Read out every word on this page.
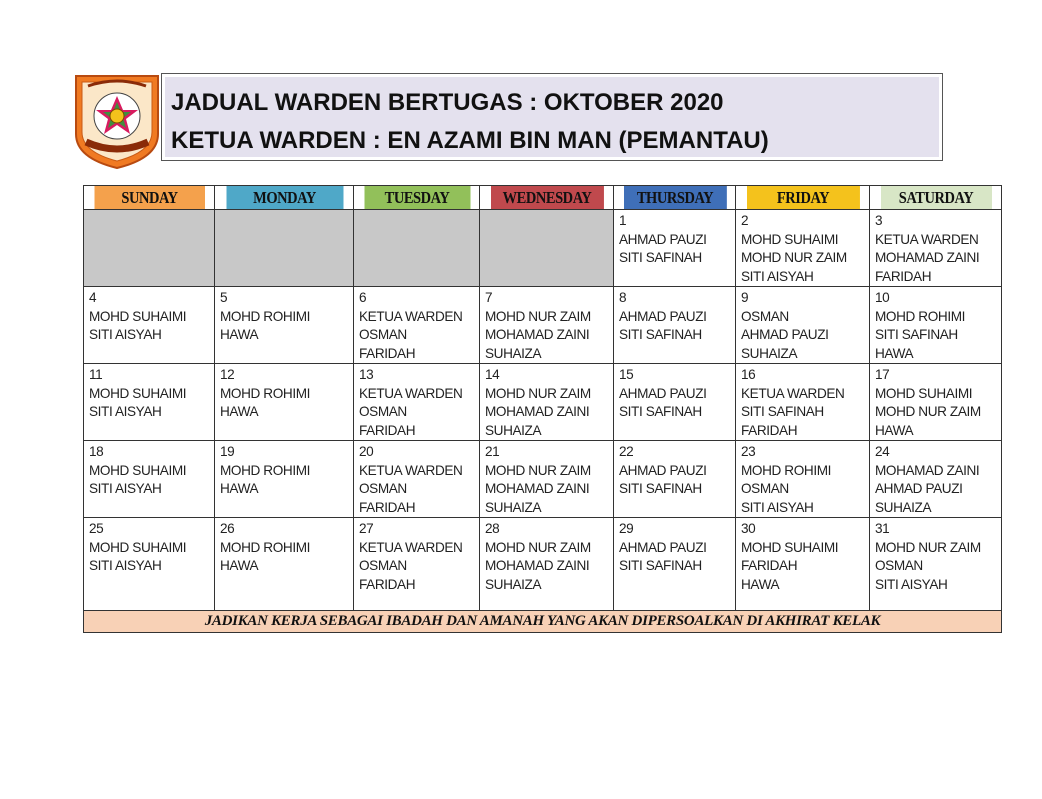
JADUAL WARDEN BERTUGAS : OKTOBER 2020
KETUA WARDEN : EN AZAMI BIN MAN (PEMANTAU)
SUNDAY	MONDAY	TUESDAY	WEDNESDAY	THURSDAY	FRIDAY	SATURDAY

				1
AHMAD PAUZI
SITI SAFINAH	2
MOHD SUHAIMI
MOHD NUR ZAIM
SITI AISYAH	3
KETUA WARDEN
MOHAMAD ZAINI
FARIDAH

4
MOHD SUHAIMI
SITI AISYAH	5
MOHD ROHIMI
HAWA	6
KETUA WARDEN
OSMAN
FARIDAH	7
MOHD NUR ZAIM
MOHAMAD ZAINI
SUHAIZA	8
AHMAD PAUZI
SITI SAFINAH	9
OSMAN
AHMAD PAUZI
SUHAIZA	10
MOHD ROHIMI
SITI SAFINAH
HAWA

11
MOHD SUHAIMI
SITI AISYAH	12
MOHD ROHIMI
HAWA	13
KETUA WARDEN
OSMAN
FARIDAH	14
MOHD NUR ZAIM
MOHAMAD ZAINI
SUHAIZA	15
AHMAD PAUZI
SITI SAFINAH	16
KETUA WARDEN
SITI SAFINAH
FARIDAH	17
MOHD SUHAIMI
MOHD NUR ZAIM
HAWA

18
MOHD SUHAIMI
SITI AISYAH	19
MOHD ROHIMI
HAWA	20
KETUA WARDEN
OSMAN
FARIDAH	21
MOHD NUR ZAIM
MOHAMAD ZAINI
SUHAIZA	22
AHMAD PAUZI
SITI SAFINAH	23
MOHD ROHIMI
OSMAN
SITI AISYAH	24
MOHAMAD ZAINI
AHMAD PAUZI
SUHAIZA

25
MOHD SUHAIMI
SITI AISYAH	26
MOHD ROHIMI
HAWA	27
KETUA WARDEN
OSMAN
FARIDAH	28
MOHD NUR ZAIM
MOHAMAD ZAINI
SUHAIZA	29
AHMAD PAUZI
SITI SAFINAH	30
MOHD SUHAIMI
FARIDAH
HAWA	31
MOHD NUR ZAIM
OSMAN
SITI AISYAH

JADIKAN KERJA SEBAGAI IBADAH DAN AMANAH YANG AKAN DIPERSOALKAN DI AKHIRAT KELAK						
